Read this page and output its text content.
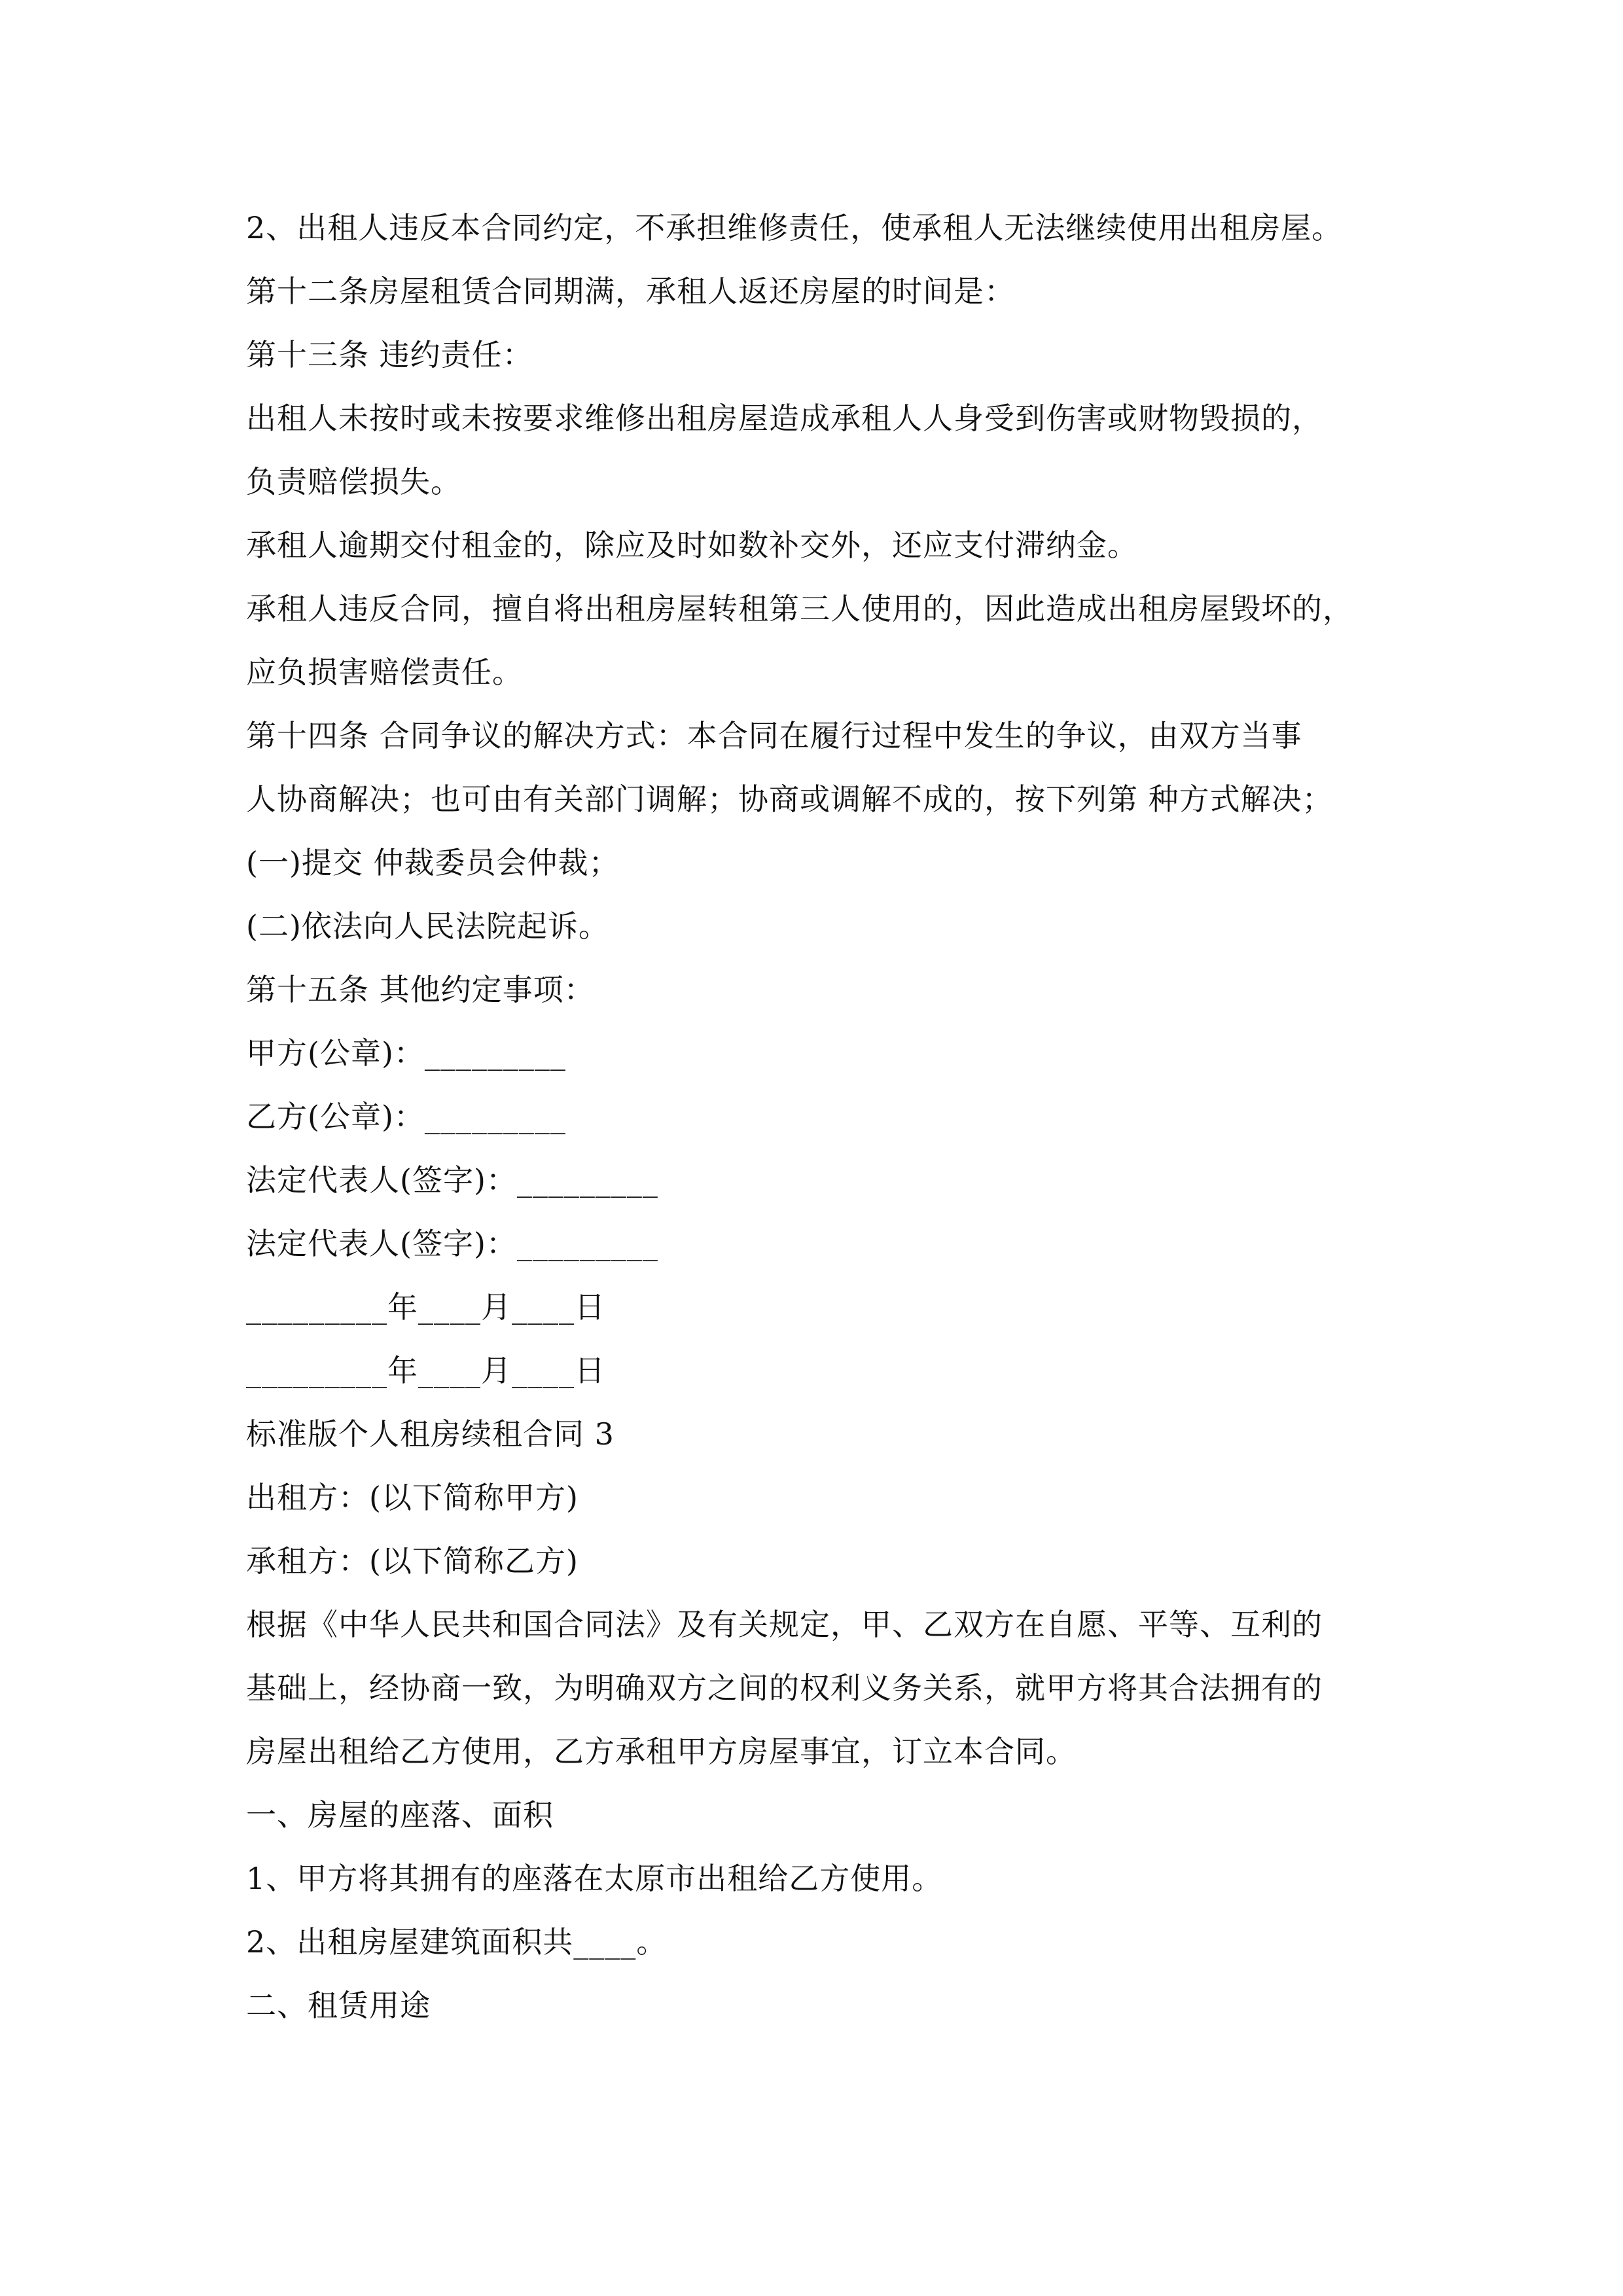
2、出租人违反本合同约定，不承担维修责任，使承租人无法继续使用出租房屋。
第十二条房屋租赁合同期满，承租人返还房屋的时间是：
第十三条 违约责任：
出租人未按时或未按要求维修出租房屋造成承租人人身受到伤害或财物毁损的，
负责赔偿损失。
承租人逾期交付租金的，除应及时如数补交外，还应支付滞纳金。
承租人违反合同，擅自将出租房屋转租第三人使用的，因此造成出租房屋毁坏的，
应负损害赔偿责任。
第十四条 合同争议的解决方式：本合同在履行过程中发生的争议，由双方当事
人协商解决；也可由有关部门调解；协商或调解不成的，按下列第 种方式解决；
(一)提交 仲裁委员会仲裁；
(二)依法向人民法院起诉。
第十五条 其他约定事项：
甲方(公章)：_________
乙方(公章)：_________
法定代表人(签字)：_________
法定代表人(签字)：_________
_________年____月____日
_________年____月____日
标准版个人租房续租合同 3
出租方：(以下简称甲方)
承租方：(以下简称乙方)
根据《中华人民共和国合同法》及有关规定，甲、乙双方在自愿、平等、互利的
基础上，经协商一致，为明确双方之间的权利义务关系，就甲方将其合法拥有的
房屋出租给乙方使用，乙方承租甲方房屋事宜，订立本合同。
一、房屋的座落、面积
1、甲方将其拥有的座落在太原市出租给乙方使用。
2、出租房屋建筑面积共____。
二、租赁用途
